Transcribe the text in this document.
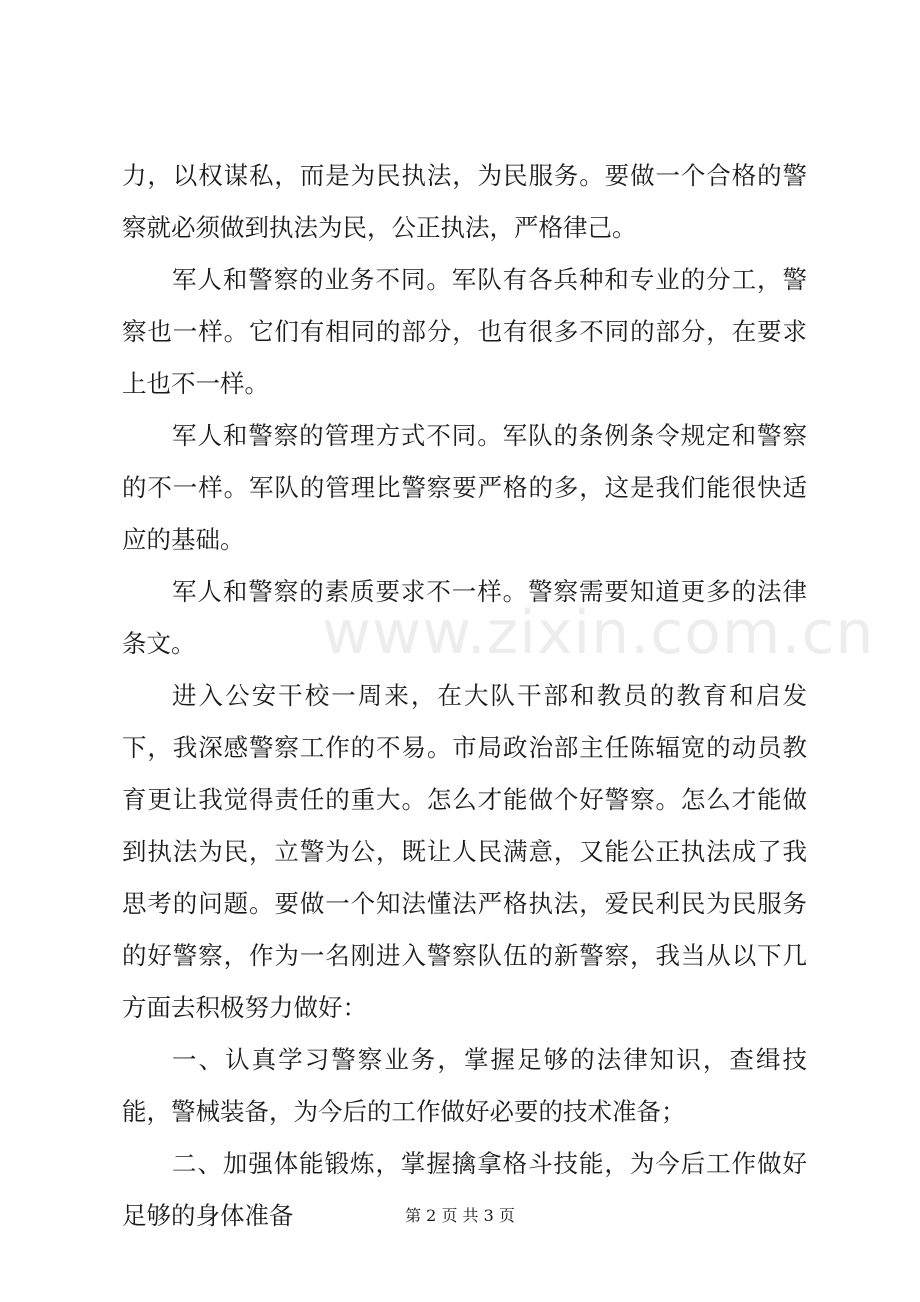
力，以权谋私，而是为民执法，为民服务。要做一个合格的警察就必须做到执法为民，公正执法，严格律己。

军人和警察的业务不同。军队有各兵种和专业的分工，警察也一样。它们有相同的部分，也有很多不同的部分，在要求上也不一样。

军人和警察的管理方式不同。军队的条例条令规定和警察的不一样。军队的管理比警察要严格的多，这是我们能很快适应的基础。

军人和警察的素质要求不一样。警察需要知道更多的法律条文。

进入公安干校一周来，在大队干部和教员的教育和启发下，我深感警察工作的不易。市局政治部主任陈辐宽的动员教育更让我觉得责任的重大。怎么才能做个好警察。怎么才能做到执法为民，立警为公，既让人民满意，又能公正执法成了我思考的问题。要做一个知法懂法严格执法，爱民利民为民服务的好警察，作为一名刚进入警察队伍的新警察，我当从以下几方面去积极努力做好：

一、认真学习警察业务，掌握足够的法律知识，查缉技能，警械装备，为今后的工作做好必要的技术准备；

二、加强体能锻炼，掌握擒拿格斗技能，为今后工作做好足够的身体准备

www.zixin.com.cn
第 2 页 共 3 页
